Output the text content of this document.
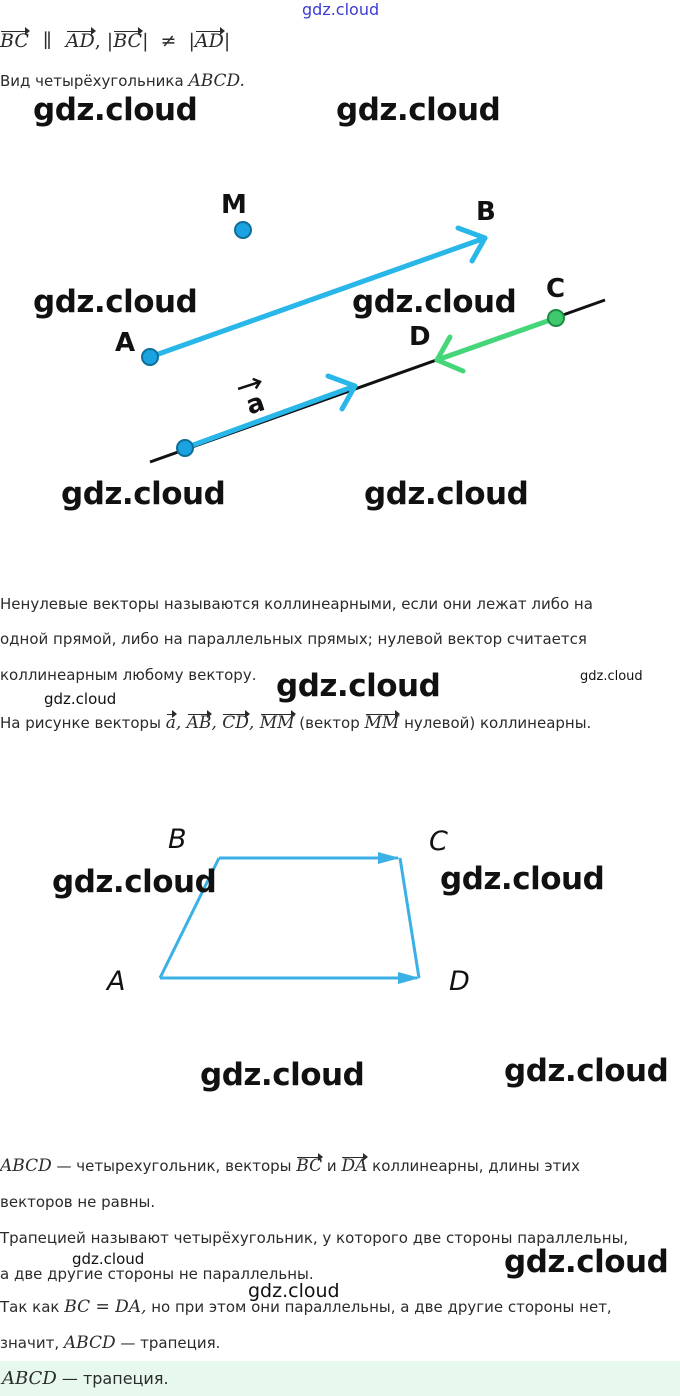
gdz.cloud
BC ∥ AD, |BC| ≠ |AD|
Вид четырёхугольника ABCD.
gdz.cloud	gdz.cloud
M	B
A
C
D
a
gdz.cloud	gdz.cloud
gdz.cloud	gdz.cloud
Ненулевые векторы называются коллинеарными, если они лежат либо на
одной прямой, либо на параллельных прямых; нулевой вектор считается
коллинеарным любому вектору. gdz.cloud
gdz.cloud
gdz.cloud
На рисунке векторы a, AB, CD, MM (вектор MM нулевой) коллинеарны.
B	C
A	D
gdz.cloud	gdz.cloud
gdz.cloud	gdz.cloud
ABCD — четырехугольник, векторы BC и DA коллинеарны, длины этих
векторов не равны.
Трапецией называют четырёхугольник, у которого две стороны параллельны,
а две другие стороны не параллельны.
gdz.cloud	gdz.cloud
gdz.cloud
Так как BC = DA, но при этом они параллельны, а две другие стороны нет,
значит, ABCD — трапеция.
ABCD — трапеция.
